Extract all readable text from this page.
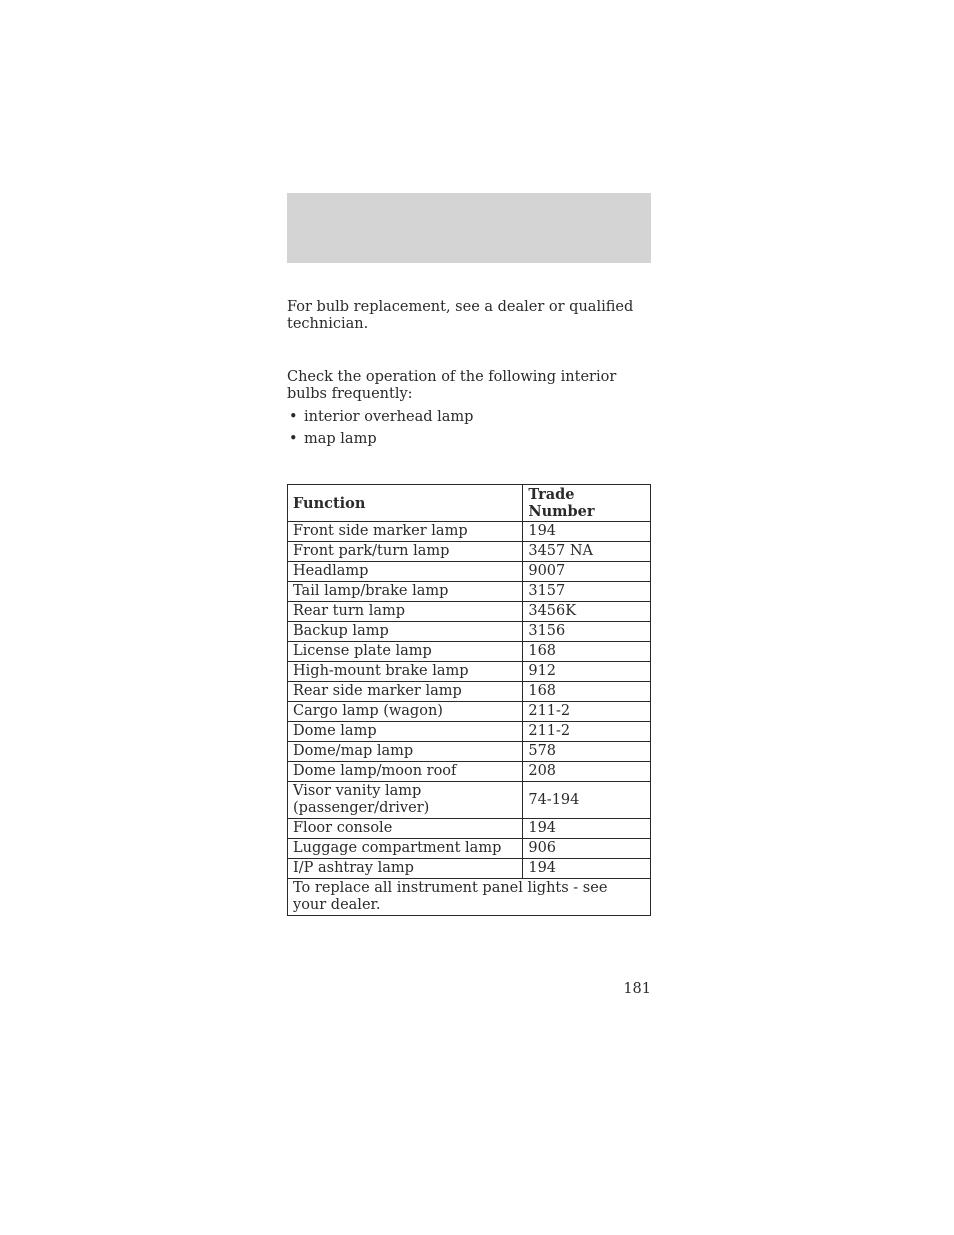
For bulb replacement, see a dealer or qualified technician.

Check the operation of the following interior bulbs frequently:

• interior overhead lamp
• map lamp
Function	Trade Number
Front side marker lamp	194
Front park/turn lamp	3457 NA
Headlamp	9007
Tail lamp/brake lamp	3157
Rear turn lamp	3456K
Backup lamp	3156
License plate lamp	168
High-mount brake lamp	912
Rear side marker lamp	168
Cargo lamp (wagon)	211-2
Dome lamp	211-2
Dome/map lamp	578
Dome lamp/moon roof	208
Visor vanity lamp (passenger/driver)	74-194
Floor console	194
Luggage compartment lamp	906
I/P ashtray lamp	194
To replace all instrument panel lights - see your dealer.	
181
